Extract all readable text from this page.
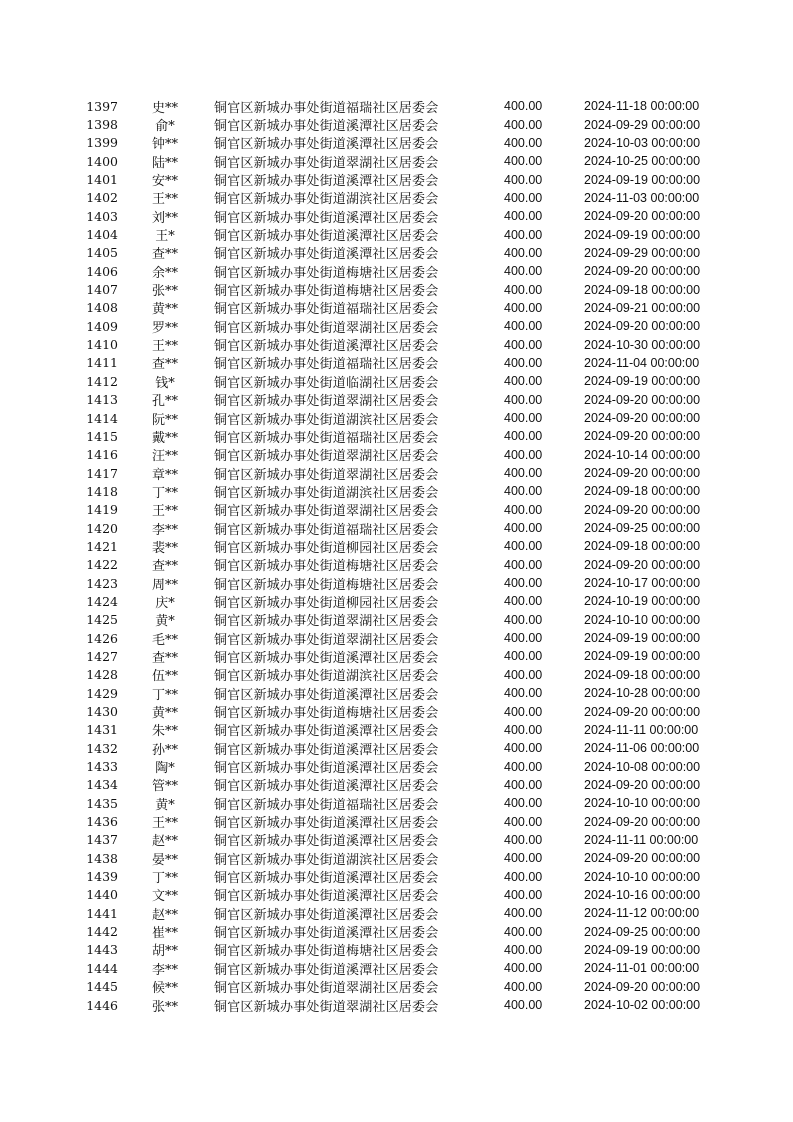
1397	史**	铜官区新城办事处街道福瑞社区居委会	400.00	2024-11-18 00:00:00
1398	俞*	铜官区新城办事处街道溪潭社区居委会	400.00	2024-09-29 00:00:00
1399	钟**	铜官区新城办事处街道溪潭社区居委会	400.00	2024-10-03 00:00:00
1400	陆**	铜官区新城办事处街道翠湖社区居委会	400.00	2024-10-25 00:00:00
1401	安**	铜官区新城办事处街道溪潭社区居委会	400.00	2024-09-19 00:00:00
1402	王**	铜官区新城办事处街道湖滨社区居委会	400.00	2024-11-03 00:00:00
1403	刘**	铜官区新城办事处街道溪潭社区居委会	400.00	2024-09-20 00:00:00
1404	王*	铜官区新城办事处街道溪潭社区居委会	400.00	2024-09-19 00:00:00
1405	查**	铜官区新城办事处街道溪潭社区居委会	400.00	2024-09-29 00:00:00
1406	余**	铜官区新城办事处街道梅塘社区居委会	400.00	2024-09-20 00:00:00
1407	张**	铜官区新城办事处街道梅塘社区居委会	400.00	2024-09-18 00:00:00
1408	黄**	铜官区新城办事处街道福瑞社区居委会	400.00	2024-09-21 00:00:00
1409	罗**	铜官区新城办事处街道翠湖社区居委会	400.00	2024-09-20 00:00:00
1410	王**	铜官区新城办事处街道溪潭社区居委会	400.00	2024-10-30 00:00:00
1411	查**	铜官区新城办事处街道福瑞社区居委会	400.00	2024-11-04 00:00:00
1412	钱*	铜官区新城办事处街道临湖社区居委会	400.00	2024-09-19 00:00:00
1413	孔**	铜官区新城办事处街道翠湖社区居委会	400.00	2024-09-20 00:00:00
1414	阮**	铜官区新城办事处街道湖滨社区居委会	400.00	2024-09-20 00:00:00
1415	戴**	铜官区新城办事处街道福瑞社区居委会	400.00	2024-09-20 00:00:00
1416	汪**	铜官区新城办事处街道翠湖社区居委会	400.00	2024-10-14 00:00:00
1417	章**	铜官区新城办事处街道翠湖社区居委会	400.00	2024-09-20 00:00:00
1418	丁**	铜官区新城办事处街道湖滨社区居委会	400.00	2024-09-18 00:00:00
1419	王**	铜官区新城办事处街道翠湖社区居委会	400.00	2024-09-20 00:00:00
1420	李**	铜官区新城办事处街道福瑞社区居委会	400.00	2024-09-25 00:00:00
1421	裴**	铜官区新城办事处街道柳园社区居委会	400.00	2024-09-18 00:00:00
1422	查**	铜官区新城办事处街道梅塘社区居委会	400.00	2024-09-20 00:00:00
1423	周**	铜官区新城办事处街道梅塘社区居委会	400.00	2024-10-17 00:00:00
1424	庆*	铜官区新城办事处街道柳园社区居委会	400.00	2024-10-19 00:00:00
1425	黄*	铜官区新城办事处街道翠湖社区居委会	400.00	2024-10-10 00:00:00
1426	毛**	铜官区新城办事处街道翠湖社区居委会	400.00	2024-09-19 00:00:00
1427	查**	铜官区新城办事处街道溪潭社区居委会	400.00	2024-09-19 00:00:00
1428	伍**	铜官区新城办事处街道湖滨社区居委会	400.00	2024-09-18 00:00:00
1429	丁**	铜官区新城办事处街道溪潭社区居委会	400.00	2024-10-28 00:00:00
1430	黄**	铜官区新城办事处街道梅塘社区居委会	400.00	2024-09-20 00:00:00
1431	朱**	铜官区新城办事处街道溪潭社区居委会	400.00	2024-11-11 00:00:00
1432	孙**	铜官区新城办事处街道溪潭社区居委会	400.00	2024-11-06 00:00:00
1433	陶*	铜官区新城办事处街道溪潭社区居委会	400.00	2024-10-08 00:00:00
1434	管**	铜官区新城办事处街道溪潭社区居委会	400.00	2024-09-20 00:00:00
1435	黄*	铜官区新城办事处街道福瑞社区居委会	400.00	2024-10-10 00:00:00
1436	王**	铜官区新城办事处街道溪潭社区居委会	400.00	2024-09-20 00:00:00
1437	赵**	铜官区新城办事处街道溪潭社区居委会	400.00	2024-11-11 00:00:00
1438	晏**	铜官区新城办事处街道湖滨社区居委会	400.00	2024-09-20 00:00:00
1439	丁**	铜官区新城办事处街道溪潭社区居委会	400.00	2024-10-10 00:00:00
1440	文**	铜官区新城办事处街道溪潭社区居委会	400.00	2024-10-16 00:00:00
1441	赵**	铜官区新城办事处街道溪潭社区居委会	400.00	2024-11-12 00:00:00
1442	崔**	铜官区新城办事处街道溪潭社区居委会	400.00	2024-09-25 00:00:00
1443	胡**	铜官区新城办事处街道梅塘社区居委会	400.00	2024-09-19 00:00:00
1444	李**	铜官区新城办事处街道溪潭社区居委会	400.00	2024-11-01 00:00:00
1445	候**	铜官区新城办事处街道翠湖社区居委会	400.00	2024-09-20 00:00:00
1446	张**	铜官区新城办事处街道翠湖社区居委会	400.00	2024-10-02 00:00:00
